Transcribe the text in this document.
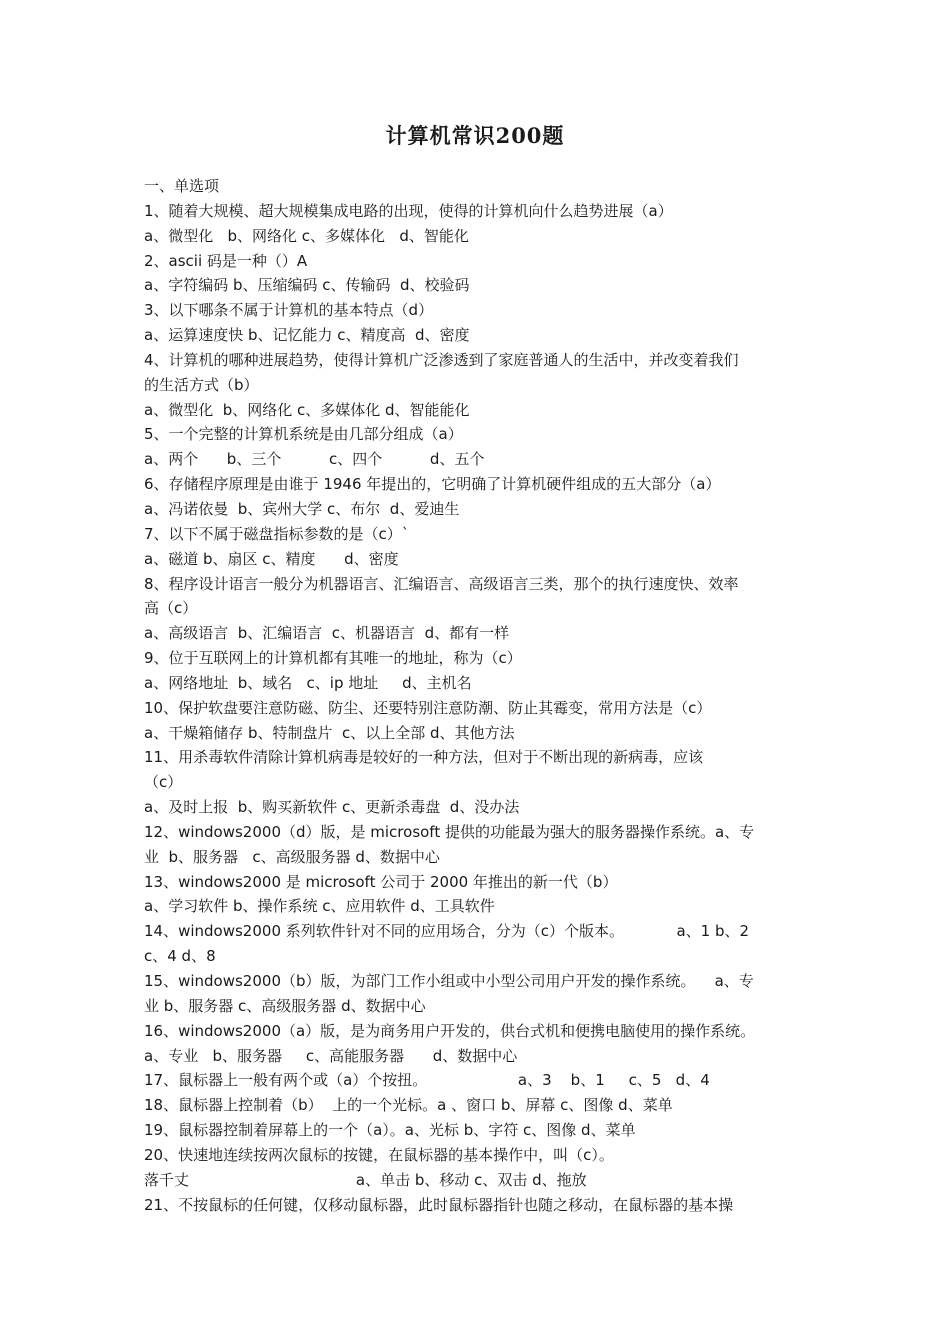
计算机常识200题
一、单选项
1、随着大规模、超大规模集成电路的出现，使得的计算机向什么趋势进展（a）
a、微型化   b、网络化 c、多媒体化   d、智能化
2、ascii 码是一种（）A
a、字符编码 b、压缩编码 c、传输码  d、校验码
3、以下哪条不属于计算机的基本特点（d）
a、运算速度快 b、记忆能力 c、精度高  d、密度
4、计算机的哪种进展趋势，使得计算机广泛渗透到了家庭普通人的生活中，并改变着我们
的生活方式（b）
a、微型化  b、网络化 c、多媒体化 d、智能能化
5、一个完整的计算机系统是由几部分组成（a）
a、两个      b、三个          c、四个          d、五个
6、存储程序原理是由谁于 1946 年提出的，它明确了计算机硬件组成的五大部分（a）
a、冯诺依曼  b、宾州大学 c、布尔  d、爱迪生
7、以下不属于磁盘指标参数的是（c）`
a、磁道 b、扇区 c、精度      d、密度
8、程序设计语言一般分为机器语言、汇编语言、高级语言三类，那个的执行速度快、效率
高（c）
a、高级语言  b、汇编语言  c、机器语言  d、都有一样
9、位于互联网上的计算机都有其唯一的地址，称为（c）
a、网络地址  b、域名   c、ip 地址     d、主机名
10、保护软盘要注意防磁、防尘、还要特别注意防潮、防止其霉变，常用方法是（c）
a、干燥箱储存 b、特制盘片  c、以上全部 d、其他方法
11、用杀毒软件清除计算机病毒是较好的一种方法，但对于不断出现的新病毒，应该
（c）
a、及时上报  b、购买新软件 c、更新杀毒盘  d、没办法
12、windows2000（d）版，是 microsoft 提供的功能最为强大的服务器操作系统。a、专
业  b、服务器   c、高级服务器 d、数据中心
13、windows2000 是 microsoft 公司于 2000 年推出的新一代（b）
a、学习软件 b、操作系统 c、应用软件 d、工具软件
14、windows2000 系列软件针对不同的应用场合，分为（c）个版本。           a、1 b、2
c、4 d、8
15、windows2000（b）版，为部门工作小组或中小型公司用户开发的操作系统。    a、专
业 b、服务器 c、高级服务器 d、数据中心
16、windows2000（a）版，是为商务用户开发的，供台式机和便携电脑使用的操作系统。
a、专业   b、服务器     c、高能服务器      d、数据中心
17、鼠标器上一般有两个或（a）个按扭。                   a、3    b、1     c、5   d、4
18、鼠标器上控制着（b）  上的一个光标。a 、窗口 b、屏幕 c、图像 d、菜单
19、鼠标器控制着屏幕上的一个（a）。a、光标 b、字符 c、图像 d、菜单
20、快速地连续按两次鼠标的按键，在鼠标器的基本操作中，叫（c）。
落千丈                                   a、单击 b、移动 c、双击 d、拖放
21、不按鼠标的任何键，仅移动鼠标器，此时鼠标器指针也随之移动，在鼠标器的基本操
